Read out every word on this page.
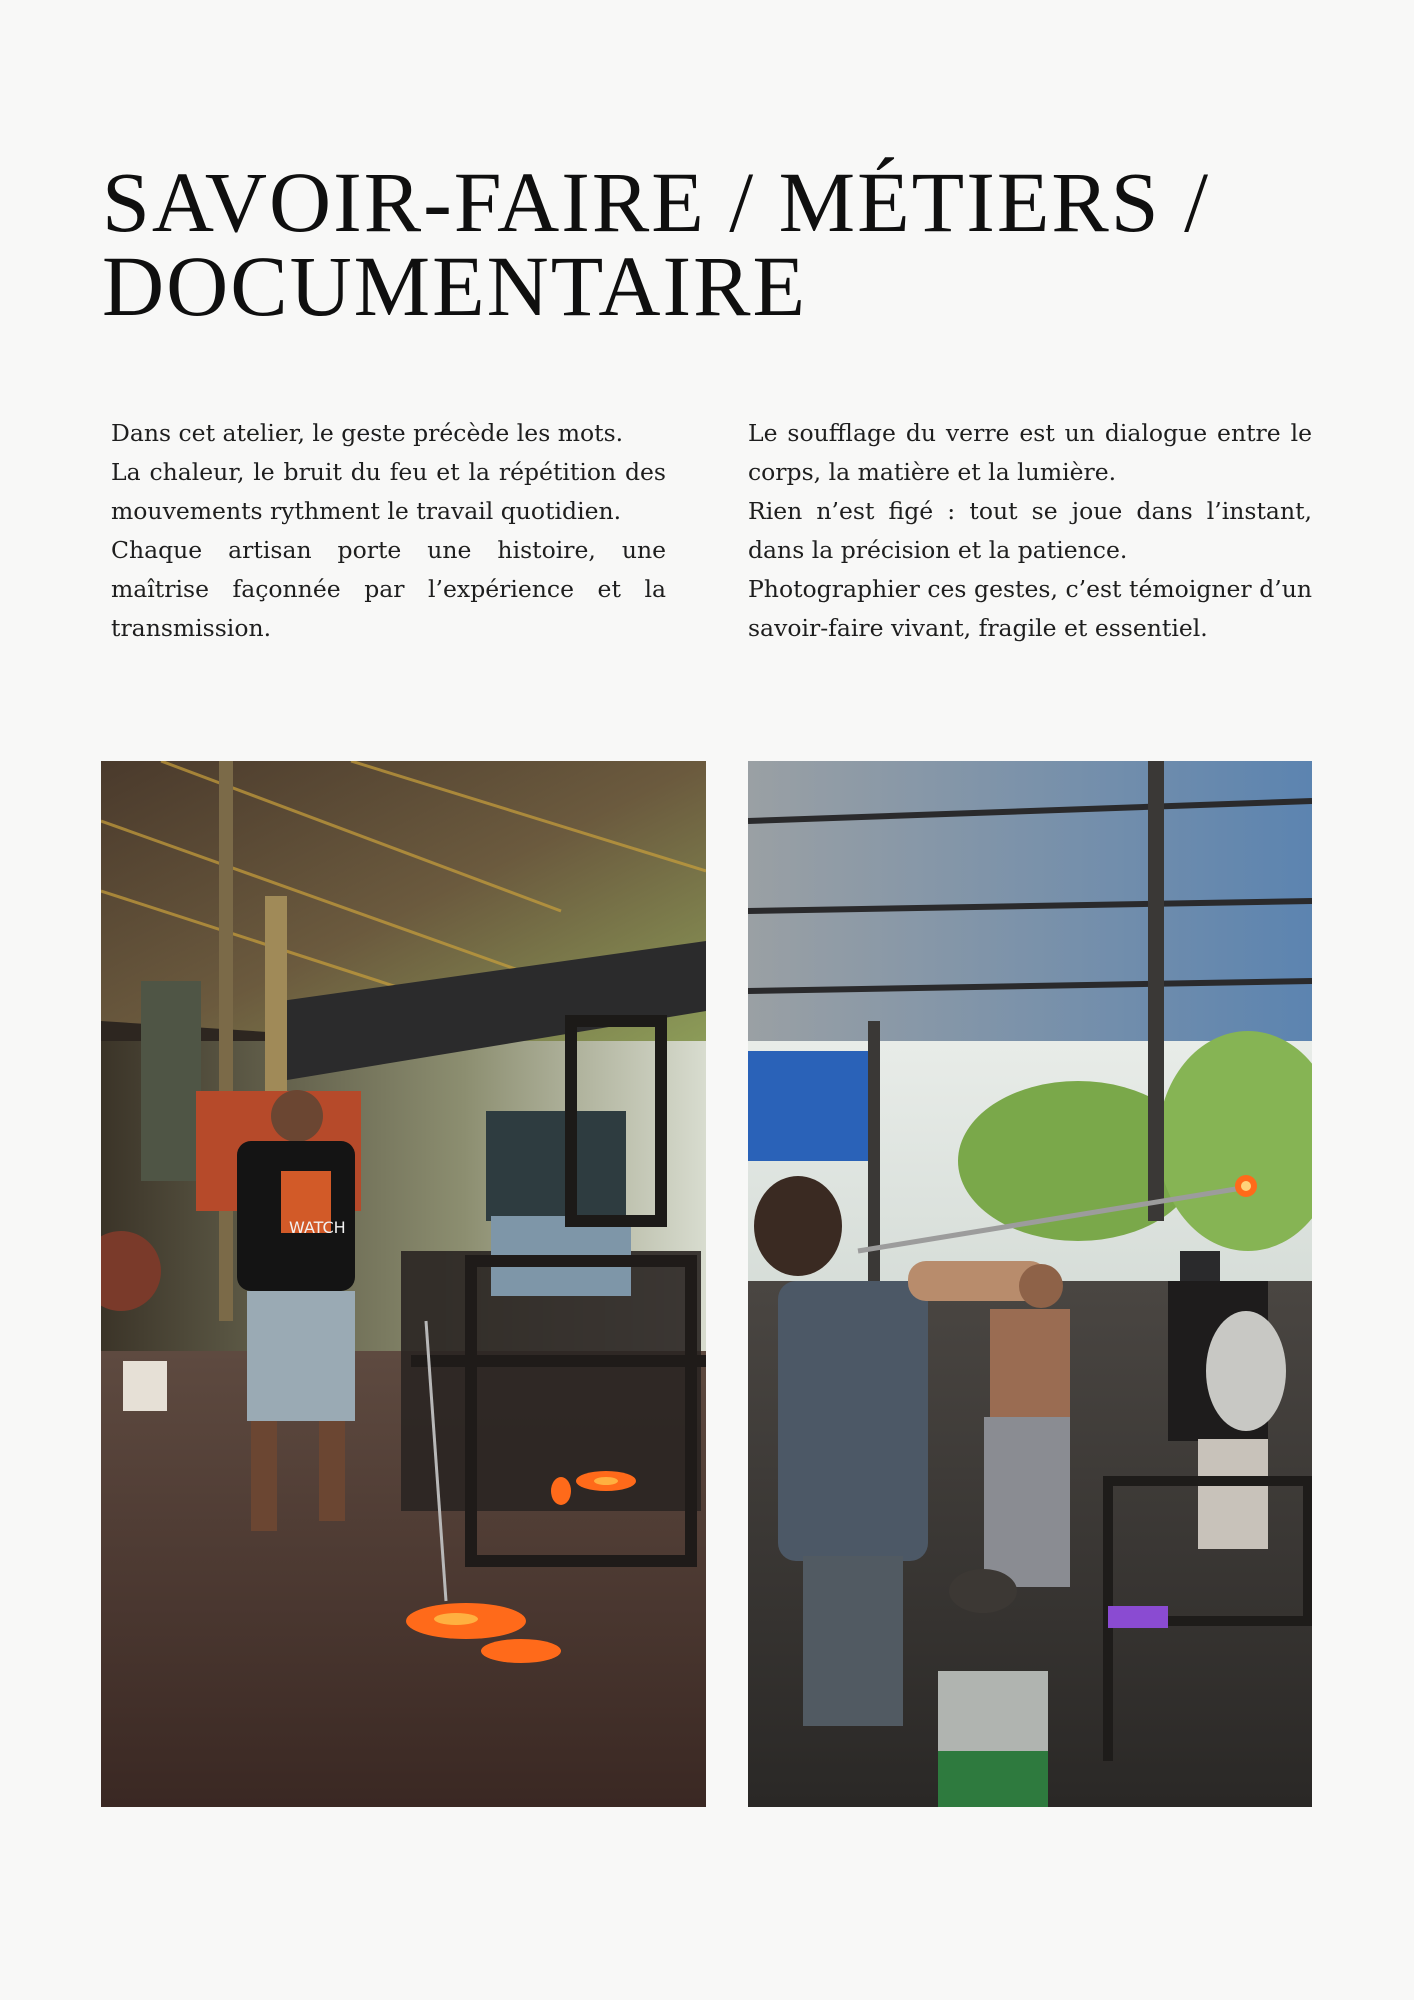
SAVOIR-FAIRE / MÉTIERS /
DOCUMENTAIRE

Dans cet atelier, le geste précède les mots.

La chaleur, le bruit du feu et la répétition des mouvements rythment le travail quotidien.

Chaque artisan porte une histoire, une maîtrise façonnée par l’expérience et la transmission.

Le soufflage du verre est un dialogue entre le corps, la matière et la lumière.

Rien n’est figé : tout se joue dans l’instant, dans la précision et la patience.

Photographier ces gestes, c’est témoigner d’un savoir-faire vivant, fragile et essentiel.

WATCH
